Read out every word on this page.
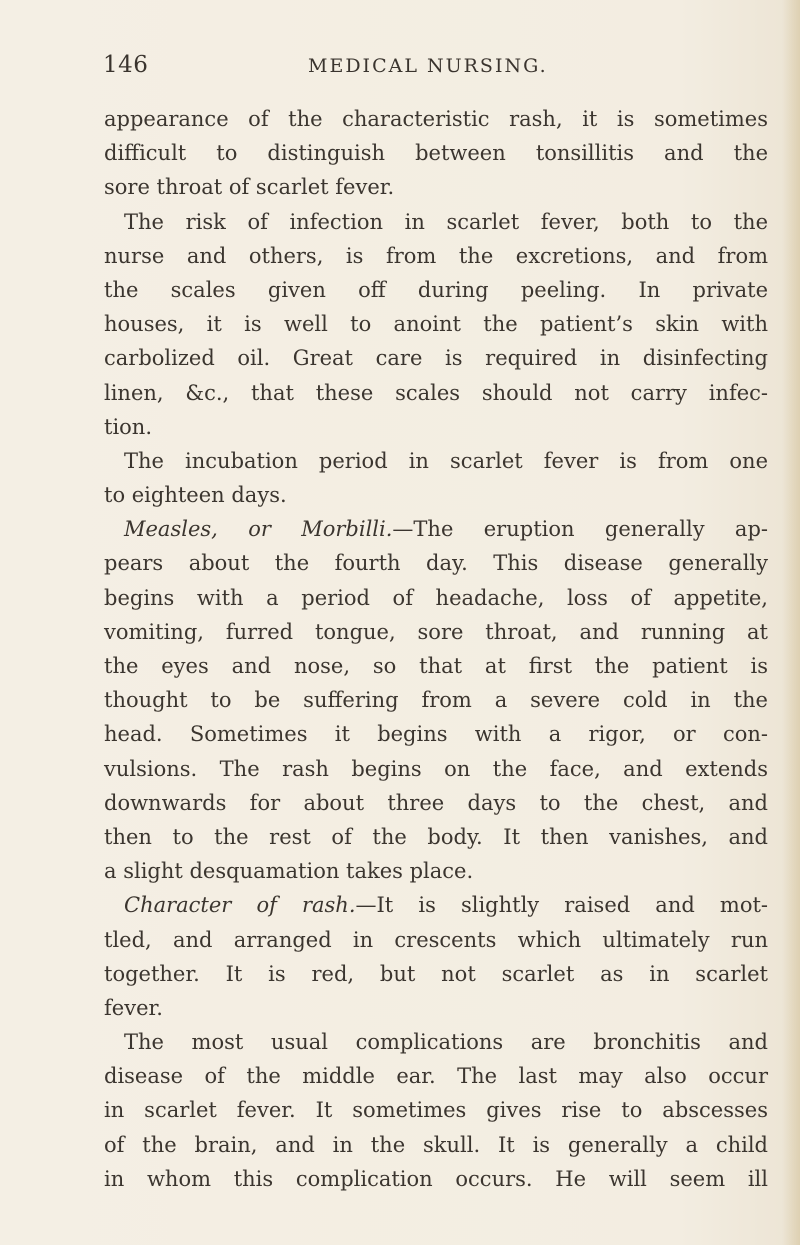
146	MEDICAL NURSING.
appearance of the characteristic rash, it is sometimes
difficult to distinguish between tonsillitis and the
sore throat of scarlet fever.
The risk of infection in scarlet fever, both to the
nurse and others, is from the excretions, and from
the scales given off during peeling. In private
houses, it is well to anoint the patient’s skin with
carbolized oil. Great care is required in disinfecting
linen, &c., that these scales should not carry infec-
tion.
The incubation period in scarlet fever is from one
to eighteen days.
Measles, or Morbilli.—The eruption generally ap-
pears about the fourth day. This disease generally
begins with a period of headache, loss of appetite,
vomiting, furred tongue, sore throat, and running at
the eyes and nose, so that at first the patient is
thought to be suffering from a severe cold in the
head. Sometimes it begins with a rigor, or con-
vulsions. The rash begins on the face, and extends
downwards for about three days to the chest, and
then to the rest of the body. It then vanishes, and
a slight desquamation takes place.
Character of rash.—It is slightly raised and mot-
tled, and arranged in crescents which ultimately run
together. It is red, but not scarlet as in scarlet
fever.
The most usual complications are bronchitis and
disease of the middle ear. The last may also occur
in scarlet fever. It sometimes gives rise to abscesses
of the brain, and in the skull. It is generally a child
in whom this complication occurs. He will seem ill
